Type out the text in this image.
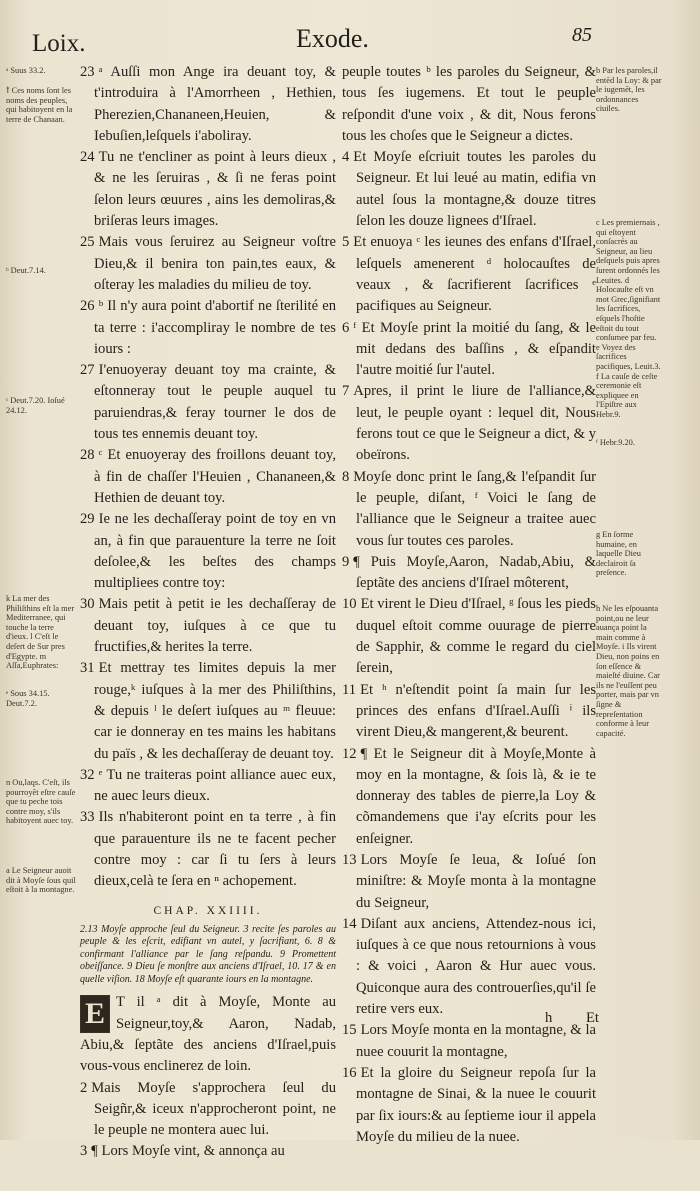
Loix.	Exode.	85
ᵃ Suus 33.2.
ꝉ Ces noms ſont les noms des peuples, qui habitoyent en la terre de Chanaan.
ᵇ Deut.7.14.
ᶜ Deut.7.20. Ioſué 24.12.
k La mer des Philiſthins eſt la mer Mediterranee, qui touche la terre d'ieux. l C'eſt le deſert de Sur pres d'Egypte. m Aſſa,Euphrates:
ᵉ Sous 34.15. Deut.7.2.
n Ou,laqs. C'eſt, ils pourroyēt eſtre cauſe que tu peche tois contre moy, s'ils habitoyent auec toy.
a Le Seigneur auoit dit à Moyſe ſous quil eſtoit à la montagne.

23 ᵃ Auſſi mon Ange ira deuant toy, & t'introduira à l'Amorrheen , Hethien, Pherezien,Chananeen,Heuien, & Iebuſien,leſquels i'aboliray.

24 Tu ne t'encliner as point à leurs dieux , & ne les ſeruiras , & ſi ne feras point ſelon leurs œuures , ains les demoliras,& briſeras leurs images.

25 Mais vous ſeruirez au Seigneur voſtre Dieu,& il benira ton pain,tes eaux, & oſteray les maladies du milieu de toy.

26 ᵇ Il n'y aura point d'abortif ne ſterilité en ta terre : i'accompliray le nombre de tes iours :

27 I'enuoyeray deuant toy ma crainte, & eſtonneray tout le peuple auquel tu paruiendras,& feray tourner le dos de tous tes ennemis deuant toy.

28 ᶜ Et enuoyeray des froillons deuant toy, à fin de chaſſer l'Heuien , Chananeen,& Hethien de deuant toy.

29 Ie ne les dechaſſeray point de toy en vn an, à fin que parauenture la terre ne ſoit deſolee,& les beſtes des champs multipliees contre toy:

30 Mais petit à petit ie les dechaſſeray de deuant toy, iuſques à ce que tu fructifies,& herites la terre.

31 Et mettray tes limites depuis la mer rouge,ᵏ iuſques à la mer des Philiſthins, & depuis ˡ le deſert iuſques au ᵐ fleuue: car ie donneray en tes mains les habitans du païs , & les dechaſſeray de deuant toy.

32 ᵉ Tu ne traiteras point alliance auec eux, ne auec leurs dieux.

33 Ils n'habiteront point en ta terre , à fin que parauenture ils ne te facent pecher contre moy : car ſi tu ſers à leurs dieux,celà te ſera en ⁿ achopement.

CHAP. XXIIII.

2.13 Moyſe approche ſeul du Seigneur. 3 recite ſes paroles au peuple & les eſcrit, edifiant vn autel, y ſacrifiant, 6. 8 & confirmant l'alliance par le ſang reſpandu. 9 Promettent obeiſſance. 9 Dieu ſe monſtre aux anciens d'Iſrael, 10. 17 & en quelle viſion. 18 Moyſe eſt quarante iours en la montagne.

E T il ᵃ dit à Moyſe, Monte au Seigneur,toy,& Aaron, Nadab, Abiu,& ſeptãte des anciens d'Iſrael,puis vous-vous enclinerez de loin.

2 Mais Moyſe s'approchera ſeul du Seigñr,& iceux n'approcheront point, ne le peuple ne montera auec lui.

3 ¶ Lors Moyſe vint, & annonça au

peuple toutes ᵇ les paroles du Seigneur, & tous ſes iugemens. Et tout le peuple reſpondit d'une voix , & dit, Nous ferons tous les choſes que le Seigneur a dictes.

4 Et Moyſe eſcriuit toutes les paroles du Seigneur. Et lui leué au matin, edifia vn autel ſous la montagne,& douze titres ſelon les douze lignees d'Iſrael.

5 Et enuoya ᶜ les ieunes des enfans d'Iſrael, leſquels amenerent ᵈ holocauſtes de veaux , & ſacrifierent ſacrifices ᵉ pacifiques au Seigneur.

6 ᶠ Et Moyſe print la moitié du ſang, & le mit dedans des baſſins , & eſpandit l'autre moitié ſur l'autel.

7 Apres, il print le liure de l'alliance,& leut, le peuple oyant : lequel dit, Nous ferons tout ce que le Seigneur a dict, & y obeïrons.

8 Moyſe donc print le ſang,& l'eſpandit ſur le peuple, diſant, ᶠ Voici le ſang de l'alliance que le Seigneur a traitee auec vous ſur toutes ces paroles.

9 ¶ Puis Moyſe,Aaron, Nadab,Abiu, & ſeptãte des anciens d'Iſrael môterent,

10 Et virent le Dieu d'Iſrael, ᵍ ſous les pieds duquel eſtoit comme ouurage de pierre de Sapphir, & comme le regard du ciel ſerein,

11 Et ʰ n'eſtendit point ſa main ſur les princes des enfans d'Iſrael.Auſſi ⁱ ils virent Dieu,& mangerent,& beurent.

12 ¶ Et le Seigneur dit à Moyſe,Monte à moy en la montagne, & ſois là, & ie te donneray des tables de pierre,la Loy & cõmandemens que i'ay eſcrits pour les enſeigner.

13 Lors Moyſe ſe leua, & Ioſué ſon miniſtre: & Moyſe monta à la montagne du Seigneur,

14 Diſant aux anciens, Attendez-nous ici, iuſques à ce que nous retournions à vous : & voici , Aaron & Hur auec vous. Quiconque aura des controuerſies,qu'il ſe retire vers eux.

15 Lors Moyſe monta en la montagne, & la nuee couurit la montagne,

16 Et la gloire du Seigneur repoſa ſur la montagne de Sinai, & la nuee le couurit par ſix iours:& au ſeptieme iour il appela Moyſe du milieu de la nuee.

b Par les paroles,il entēd la Loy: & par le iugemēt, les ordonnances ciuiles.
c Les premiernais , qui eſtoyent conſacrés au Seigneur, au lieu deſquels puis apres ſurent ordonnés les Leuites. d Holocauſte eſt vn mot Grec,ſignifiant les ſacrifices, eſquels l'hoſtie eſtoit du tout conſumee par feu. e Voyez des ſacrifices pacifiques, Leuit.3. f La cauſe de ceſte ceremonie eſt expliquee en l'Epiſtre aux Hebr.9.
ᶠ Hebr.9.20.
g En ſorme humaine, en laquelle Dieu declairoit ſa preſence.
h Ne les eſpouanta point,ou ne leur auança point la main comme à Moyſe. i Ils virent Dieu, non poins en ſon eſſence & maieſté diuine. Car ils ne l'euſſent peu porter, mais par vn ſigne & repreſentation conforme à leur capacité.
h Et
